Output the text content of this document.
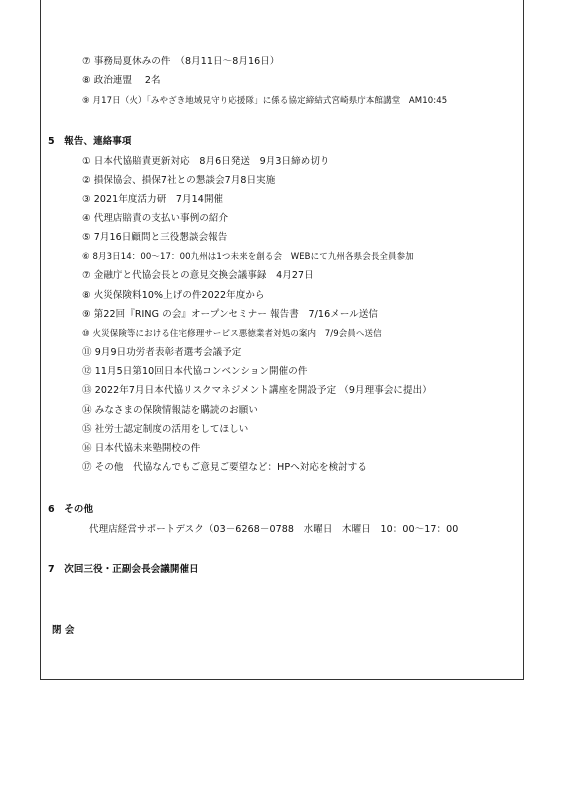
⑦ 事務局夏休みの件　（8月11日～8月16日）
⑧ 政治連盟　 2名
⑨ 月17日（火）「みやざき地域見守り応援隊」に係る協定締結式宮崎県庁本館講堂　AM10:45
5　報告、連絡事項
① 日本代協賠責更新対応　8月6日発送　9月3日締め切り
② 損保協会、損保7社との懇談会7月8日実施
③ 2021年度活力研　7月14開催
④ 代理店賠責の支払い事例の紹介
⑤ 7月16日顧問と三役懇談会報告
⑥ 8月3日14：00～17：00九州は1つ未来を創る会　WEBにて九州各県会長全員参加
⑦ 金融庁と代協会長との意見交換会議事録　4月27日
⑧ 火災保険料10%上げの件2022年度から
⑨ 第22回『RING の会』オープンセミナー 報告書　7/16メール送信
⑩ 火災保険等における住宅修理サービス悪徳業者対処の案内　7/9会員へ送信
⑪ 9月9日功労者表彰者選考会議予定
⑫ 11月5日第10回日本代協コンベンション開催の件
⑬ 2022年7月日本代協リスクマネジメント講座を開設予定 （9月理事会に提出）
⑭ みなさまの保険情報誌を購読のお願い
⑮ 社労士認定制度の活用をしてほしい
⑯ 日本代協未来塾開校の件
⑰ その他　代協なんでもご意見ご要望など：HPへ対応を検討する
6　その他
代理店経営サポートデスク（03－6268－0788　水曜日　木曜日　10：00～17：00
7　次回三役・正副会長会議開催日
閉 会
